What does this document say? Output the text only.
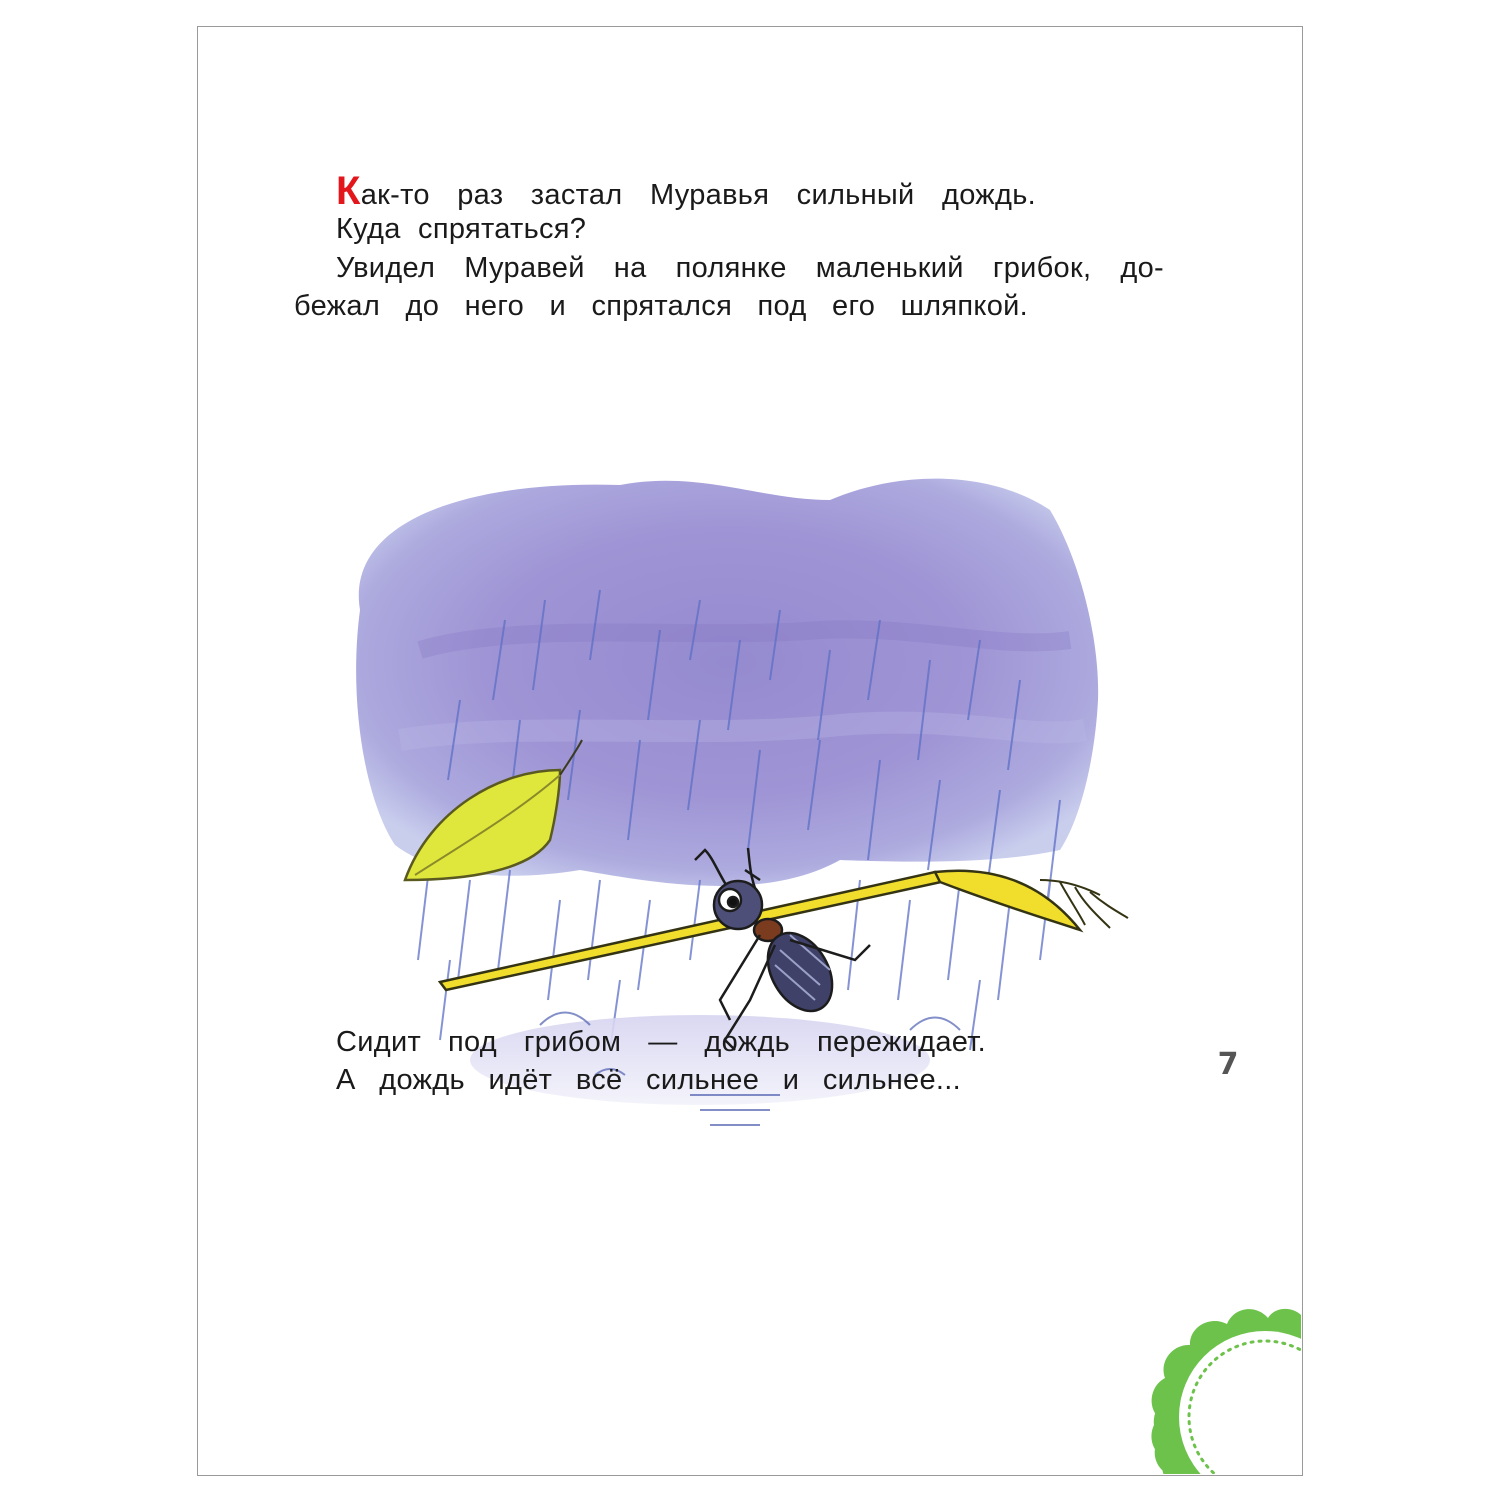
Как-то раз застал Муравья сильный дождь.
Куда спрятаться?
Увидел Муравей на полянке маленький грибок, до-
бежал до него и спрятался под его шляпкой.
Сидит под грибом — дождь пережидает.
А дождь идёт всё сильнее и сильнее...	7
